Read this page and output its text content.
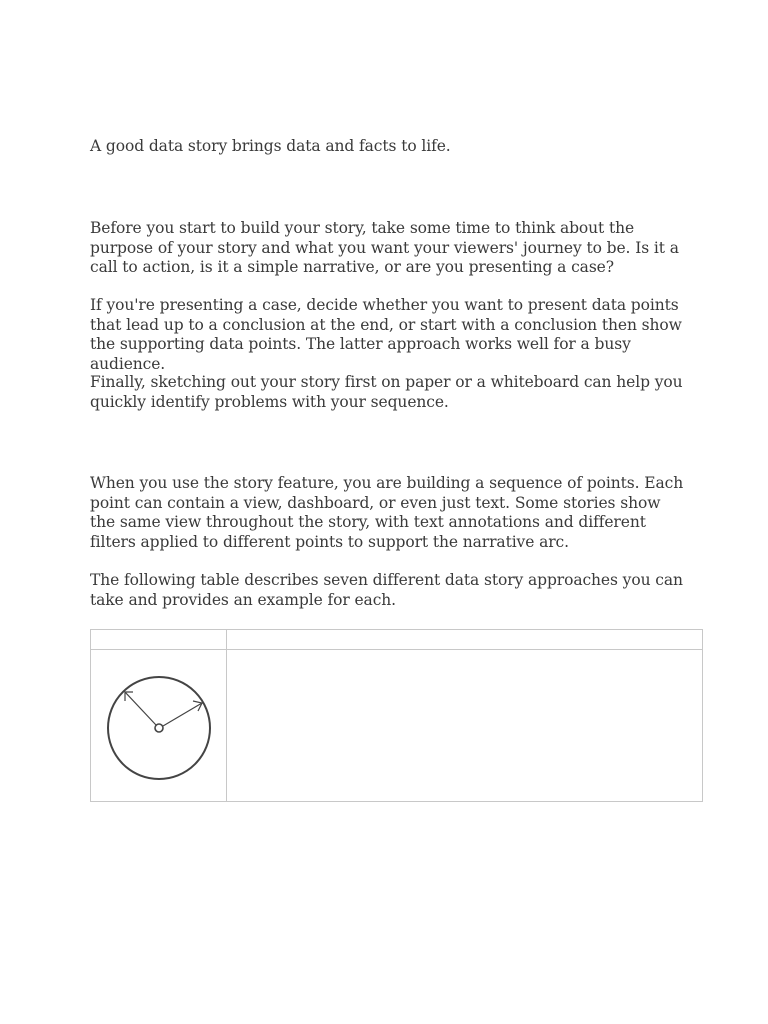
A good data story brings data and facts to life.

Before you start to build your story, take some time to think about the purpose of your story and what you want your viewers' journey to be. Is it a call to action, is it a simple narrative, or are you presenting a case?

If you're presenting a case, decide whether you want to present data points that lead up to a conclusion at the end, or start with a conclusion then show the supporting data points. The latter approach works well for a busy audience.

Finally, sketching out your story first on paper or a whiteboard can help you quickly identify problems with your sequence.

When you use the story feature, you are building a sequence of points. Each point can contain a view, dashboard, or even just text. Some stories show the same view throughout the story, with text annotations and different filters applied to different points to support the narrative arc.

The following table describes seven different data story approaches you can take and provides an example for each.
